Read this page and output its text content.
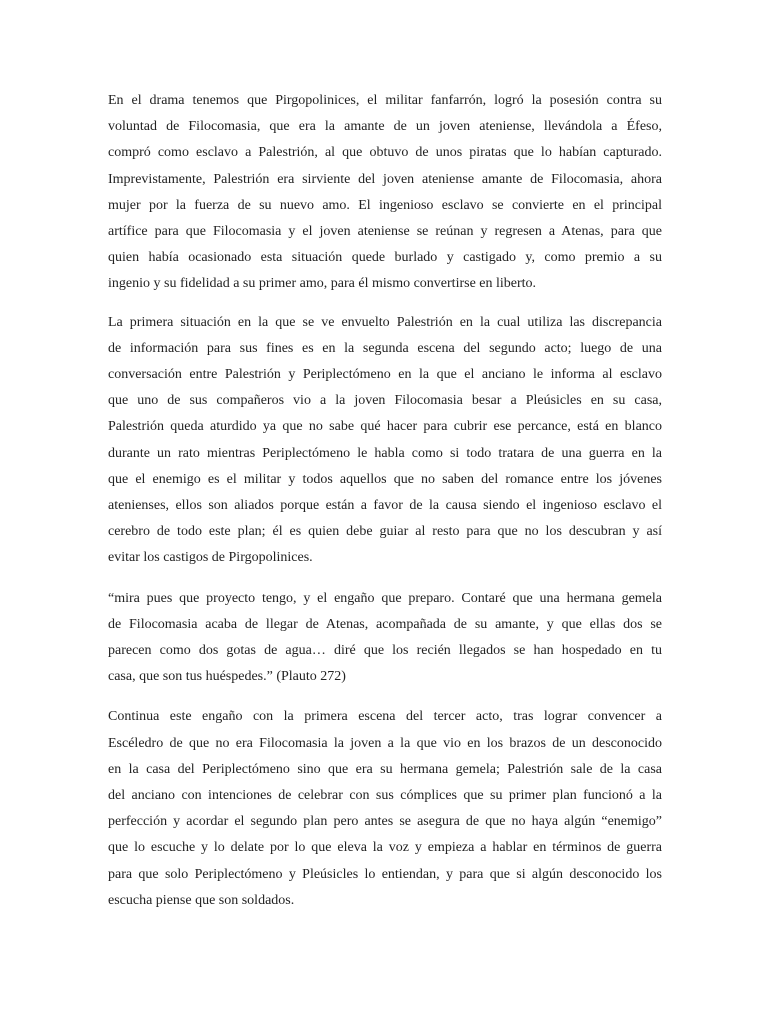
En el drama tenemos que Pirgopolinices, el militar fanfarrón, logró la posesión contra su
voluntad de Filocomasia, que era la amante de un joven ateniense, llevándola a Éfeso,
compró como esclavo a Palestrión, al que obtuvo de unos piratas que lo habían capturado.
Imprevistamente, Palestrión era sirviente del joven ateniense amante de Filocomasia, ahora
mujer por la fuerza de su nuevo amo. El ingenioso esclavo se convierte en el principal
artífice para que Filocomasia y el joven ateniense se reúnan y regresen a Atenas, para que
quien había ocasionado esta situación quede burlado y castigado y, como premio a su
ingenio y su fidelidad a su primer amo, para él mismo convertirse en liberto.
La primera situación en la que se ve envuelto Palestrión en la cual utiliza las discrepancia
de información para sus fines es en la segunda escena del segundo acto; luego de una
conversación entre Palestrión y Periplectómeno en la que el anciano le informa al esclavo
que uno de sus compañeros vio a la joven Filocomasia besar a Pleúsicles en su casa,
Palestrión queda aturdido ya que no sabe qué hacer para cubrir ese percance, está en blanco
durante un rato mientras Periplectómeno le habla como si todo tratara de una guerra en la
que el enemigo es el militar y todos aquellos que no saben del romance entre los jóvenes
atenienses, ellos son aliados porque están a favor de la causa siendo el ingenioso esclavo el
cerebro de todo este plan; él es quien debe guiar al resto para que no los descubran y así
evitar los castigos de Pirgopolinices.
“mira pues que proyecto tengo, y el engaño que preparo. Contaré que una hermana gemela
de Filocomasia acaba de llegar de Atenas, acompañada de su amante, y que ellas dos se
parecen como dos gotas de agua… diré que los recién llegados se han hospedado en tu
casa, que son tus huéspedes.” (Plauto 272)
Continua este engaño con la primera escena del tercer acto, tras lograr convencer a
Escéledro de que no era Filocomasia la joven a la que vio en los brazos de un desconocido
en la casa del Periplectómeno sino que era su hermana gemela; Palestrión sale de la casa
del anciano con intenciones de celebrar con sus cómplices que su primer plan funcionó a la
perfección y acordar el segundo plan pero antes se asegura de que no haya algún “enemigo”
que lo escuche y lo delate por lo que eleva la voz y empieza a hablar en términos de guerra
para que solo Periplectómeno y Pleúsicles lo entiendan, y para que si algún desconocido los
escucha piense que son soldados.
